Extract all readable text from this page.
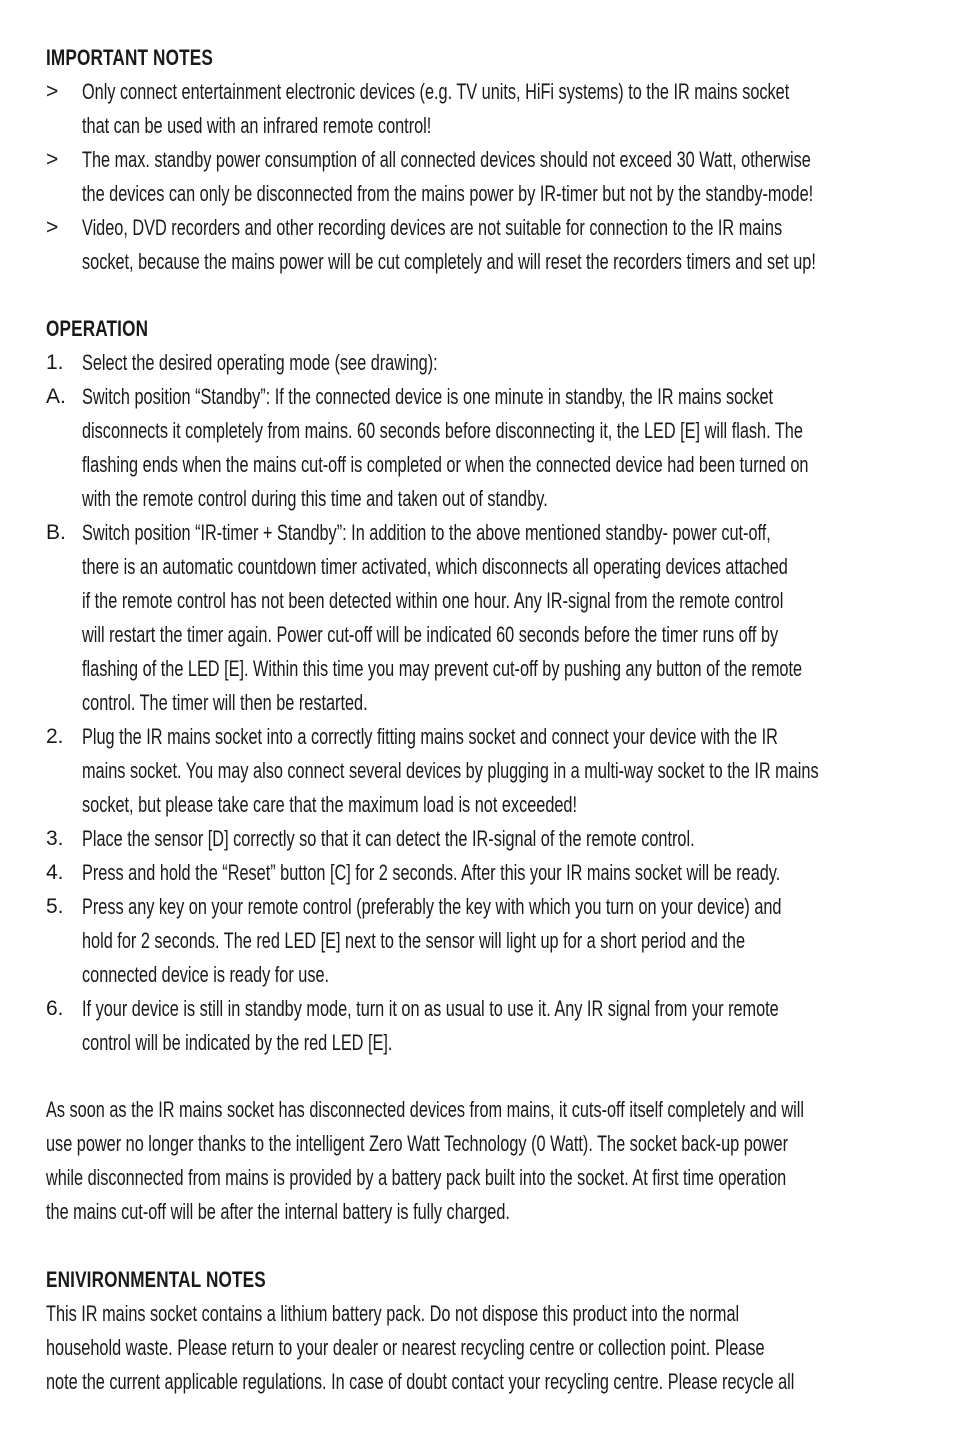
IMPORTANT NOTES
> Only connect entertainment electronic devices (e.g. TV units, HiFi systems) to the IR mains socket
that can be used with an infrared remote control!
> The max. standby power consumption of all connected devices should not exceed 30 Watt, otherwise
the devices can only be disconnected from the mains power by IR-timer but not by the standby-mode!
> Video, DVD recorders and other recording devices are not suitable for connection to the IR mains
socket, because the mains power will be cut completely and will reset the recorders timers and set up!
OPERATION
1. Select the desired operating mode (see drawing):
A. Switch position “Standby”: If the connected device is one minute in standby, the IR mains socket
disconnects it completely from mains. 60 seconds before disconnecting it, the LED [E] will flash. The
flashing ends when the mains cut-off is completed or when the connected device had been turned on
with the remote control during this time and taken out of standby.
B. Switch position “IR-timer + Standby”: In addition to the above mentioned standby- power cut-off,
there is an automatic countdown timer activated, which disconnects all operating devices attached
if the remote control has not been detected within one hour. Any IR-signal from the remote control
will restart the timer again. Power cut-off will be indicated 60 seconds before the timer runs off by
flashing of the LED [E]. Within this time you may prevent cut-off by pushing any button of the remote
control. The timer will then be restarted.
2. Plug the IR mains socket into a correctly fitting mains socket and connect your device with the IR
mains socket. You may also connect several devices by plugging in a multi-way socket to the IR mains
socket, but please take care that the maximum load is not exceeded!
3. Place the sensor [D] correctly so that it can detect the IR-signal of the remote control.
4. Press and hold the “Reset” button [C] for 2 seconds. After this your IR mains socket will be ready.
5. Press any key on your remote control (preferably the key with which you turn on your device) and
hold for 2 seconds. The red LED [E] next to the sensor will light up for a short period and the
connected device is ready for use.
6. If your device is still in standby mode, turn it on as usual to use it. Any IR signal from your remote
control will be indicated by the red LED [E].
As soon as the IR mains socket has disconnected devices from mains, it cuts-off itself completely and will
use power no longer thanks to the intelligent Zero Watt Technology (0 Watt). The socket back-up power
while disconnected from mains is provided by a battery pack built into the socket. At first time operation
the mains cut-off will be after the internal battery is fully charged.
ENIVIRONMENTAL NOTES
This IR mains socket contains a lithium battery pack. Do not dispose this product into the normal
household waste. Please return to your dealer or nearest recycling centre or collection point. Please
note the current applicable regulations. In case of doubt contact your recycling centre. Please recycle all
